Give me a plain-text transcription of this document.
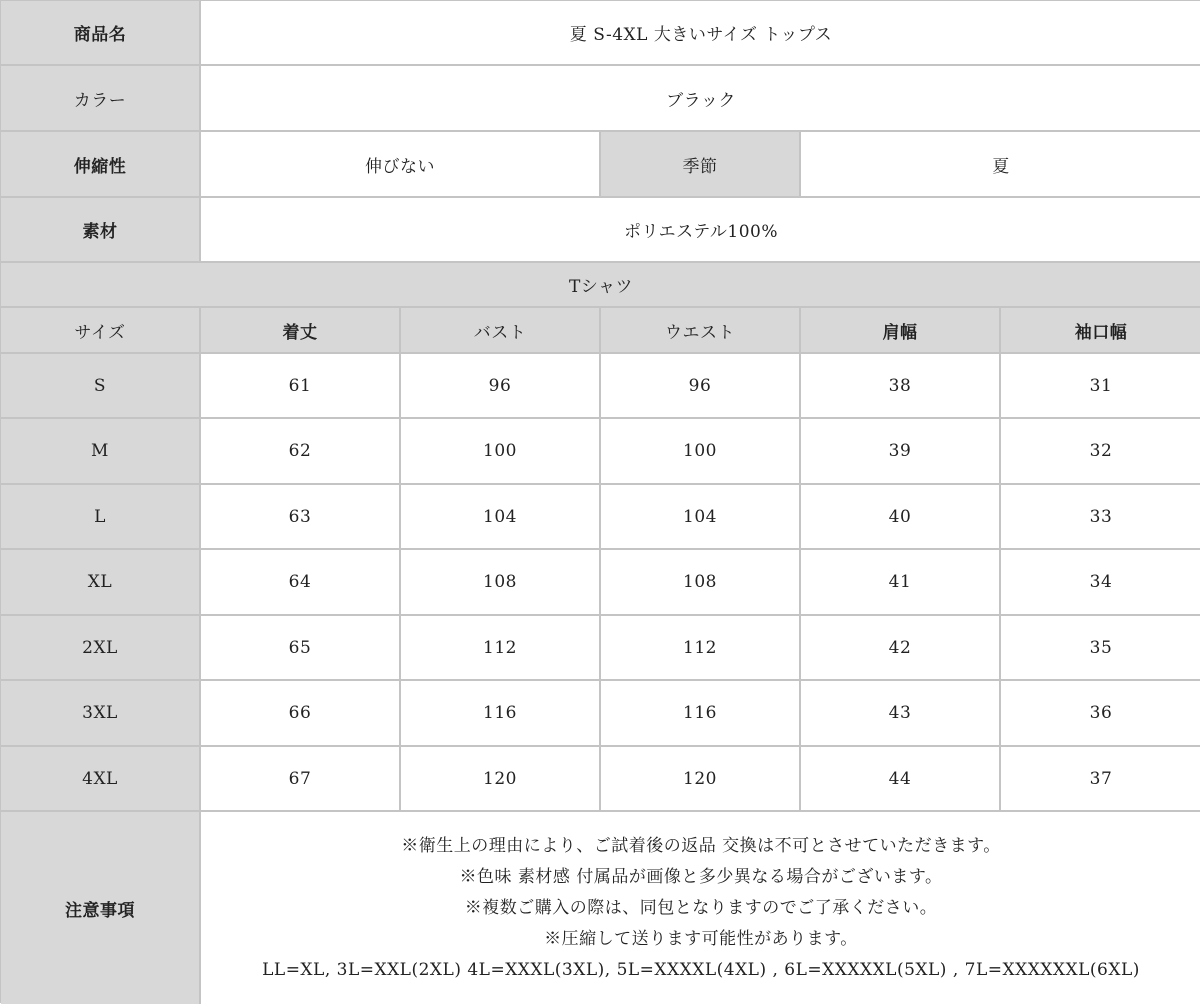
商品名	夏 S-4XL 大きいサイズ トップス
カラー	ブラック
伸縮性	伸びない	季節	夏
素材	ポリエステル100%
Tシャツ
サイズ	着丈	バスト	ウエスト	肩幅	袖口幅
S	61	96	96	38	31
M	62	100	100	39	32
L	63	104	104	40	33
XL	64	108	108	41	34
2XL	65	112	112	42	35
3XL	66	116	116	43	36
4XL	67	120	120	44	37
注意事項
※衛生上の理由により、ご試着後の返品 交換は不可とさせていただきます。
※色味 素材感 付属品が画像と多少異なる場合がございます。
※複数ご購入の際は、同包となりますのでご了承ください。
※圧縮して送ります可能性があります。
LL=XL, 3L=XXL(2XL) 4L=XXXL(3XL), 5L=XXXXL(4XL) , 6L=XXXXXL(5XL) , 7L=XXXXXXL(6XL)
